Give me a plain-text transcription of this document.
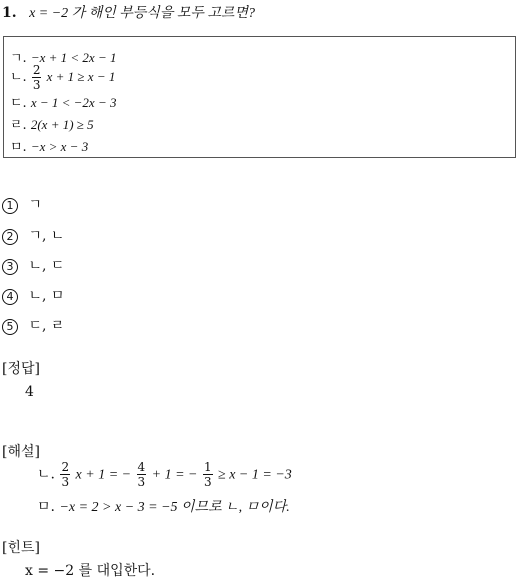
1. x = −2 가 해인 부등식을 모두 고르면?
ㄱ. −x + 1 < 2x − 1
ㄴ. $\frac{2}{3}$ x + 1 ≥ x − 1
ㄷ. x − 1 < −2x − 3
ㄹ. 2(x + 1) ≥ 5
ㅁ. −x > x − 3
1 ㄱ
2 ㄱ, ㄴ
3 ㄴ, ㄷ
4 ㄴ, ㅁ
5 ㄷ, ㄹ
[정답]
4
[해설]
ㄴ. $\frac{2}{3}$ x + 1 = − $\frac{4}{3} + 1$ = − $\frac{1}{3} \ge x - 1 = -3$
ㅁ. −x = 2 > x − 3 = −5 이므로 ㄴ, ㅁ이다.
[힌트]
x = −2 를 대입한다.
